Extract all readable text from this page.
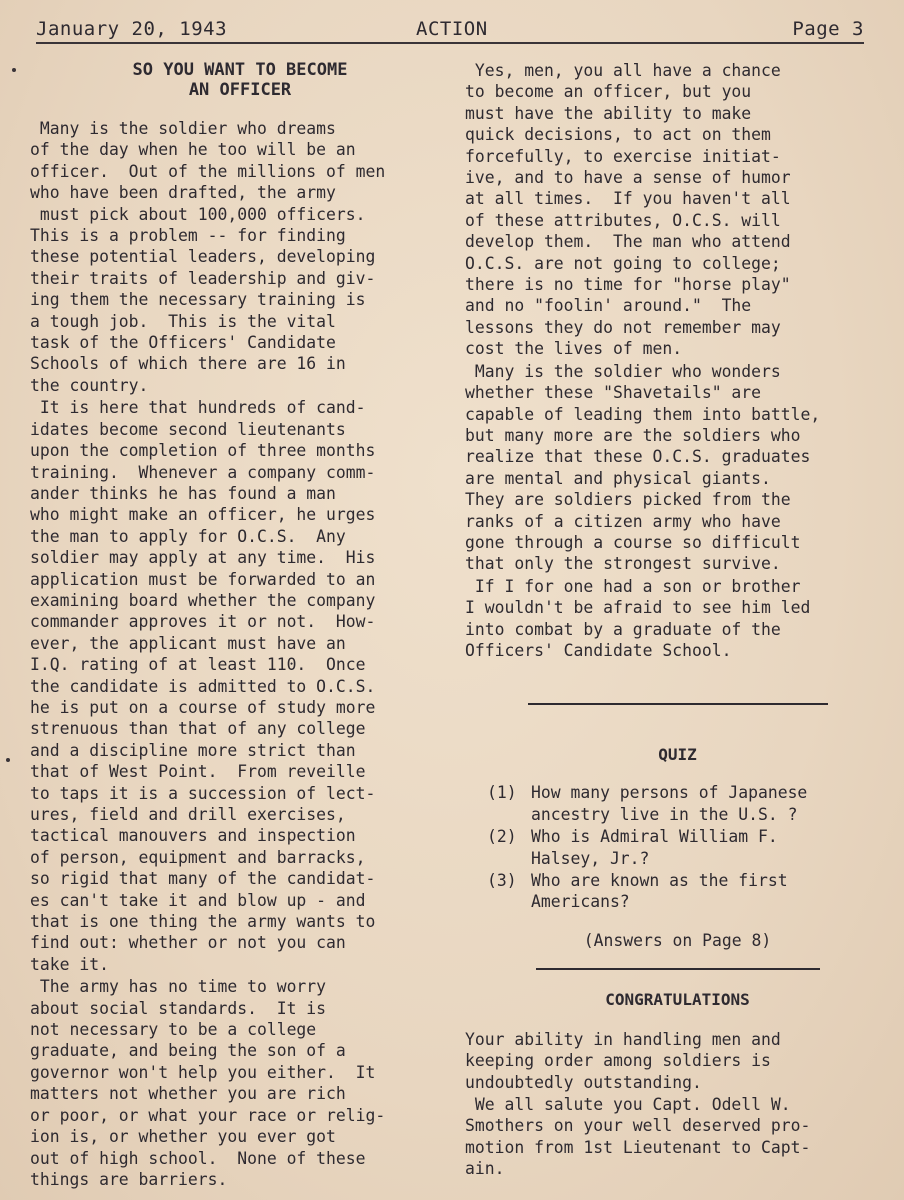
January 20, 1943	ACTION	Page 3
SO YOU WANT TO BECOME
AN OFFICER

Many is the soldier who dreams
of the day when he too will be an
officer.  Out of the millions of men
who have been drafted, the army
must pick about 100,000 officers.
This is a problem -- for finding
these potential leaders, developing
their traits of leadership and giv-
ing them the necessary training is
a tough job.  This is the vital
task of the Officers' Candidate
Schools of which there are 16 in
the country.

It is here that hundreds of cand-
idates become second lieutenants
upon the completion of three months
training.  Whenever a company comm-
ander thinks he has found a man
who might make an officer, he urges
the man to apply for O.C.S.  Any
soldier may apply at any time.  His
application must be forwarded to an
examining board whether the company
commander approves it or not.  How-
ever, the applicant must have an
I.Q. rating of at least 110.  Once
the candidate is admitted to O.C.S.
he is put on a course of study more
strenuous than that of any college
and a discipline more strict than
that of West Point.  From reveille
to taps it is a succession of lect-
ures, field and drill exercises,
tactical manouvers and inspection
of person, equipment and barracks,
so rigid that many of the candidat-
es can't take it and blow up - and
that is one thing the army wants to
find out: whether or not you can
take it.

The army has no time to worry
about social standards.  It is
not necessary to be a college
graduate, and being the son of a
governor won't help you either.  It
matters not whether you are rich
or poor, or what your race or relig-
ion is, or whether you ever got
out of high school.  None of these
things are barriers.

Yes, men, you all have a chance
to become an officer, but you
must have the ability to make
quick decisions, to act on them
forcefully, to exercise initiat-
ive, and to have a sense of humor
at all times.  If you haven't all
of these attributes, O.C.S. will
develop them.  The man who attend
O.C.S. are not going to college;
there is no time for "horse play"
and no "foolin' around."  The
lessons they do not remember may
cost the lives of men.

Many is the soldier who wonders
whether these "Shavetails" are
capable of leading them into battle,
but many more are the soldiers who
realize that these O.C.S. graduates
are mental and physical giants.
They are soldiers picked from the
ranks of a citizen army who have
gone through a course so difficult
that only the strongest survive.

If I for one had a son or brother
I wouldn't be afraid to see him led
into combat by a graduate of the
Officers' Candidate School.

QUIZ
(1) How many persons of Japanese
ancestry live in the U.S. ?
(2) Who is Admiral William F.
Halsey, Jr.?
(3) Who are known as the first
Americans?

(Answers on Page 8)

CONGRATULATIONS

Your ability in handling men and
keeping order among soldiers is
undoubtedly outstanding.

We all salute you Capt. Odell W.
Smothers on your well deserved pro-
motion from 1st Lieutenant to Capt-
ain.
